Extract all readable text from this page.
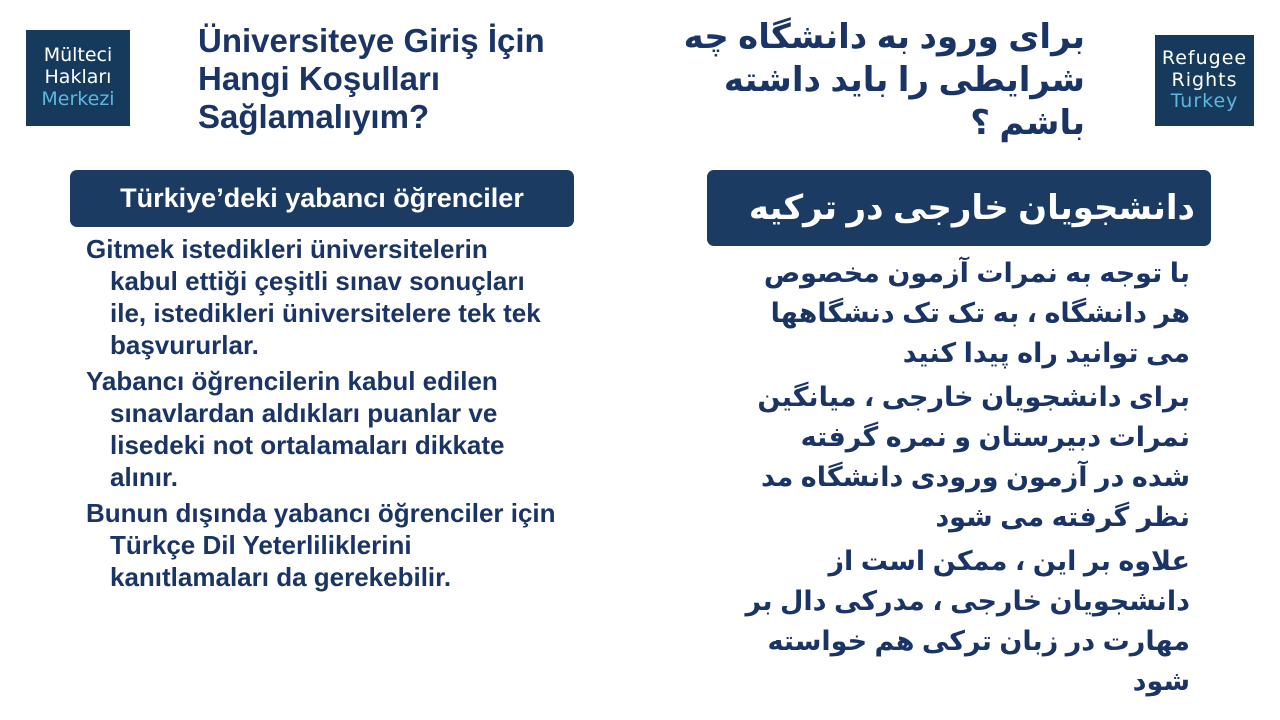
Mülteci
Hakları
Merkezi
Üniversiteye Giriş İçin Hangi Koşulları Sağlamalıyım?
برای ورود به دانشگاه چه شرایطی را باید داشته باشم ؟
Refugee
Rights
Turkey
Türkiye’deki yabancı öğrenciler	دانشجویان خارجی در ترکیه
Gitmek istedikleri üniversitelerin kabul ettiği çeşitli sınav sonuçları ile, istedikleri üniversitelere tek tek başvururlar.
Yabancı öğrencilerin kabul edilen sınavlardan aldıkları puanlar ve lisedeki not ortalamaları dikkate alınır.
Bunun dışında yabancı öğrenciler için Türkçe Dil Yeterliliklerini kanıtlamaları da gerekebilir.
با توجه به نمرات آزمون مخصوص هر دانشگاه ، به تک تک دنشگاهها می توانید راه پیدا کنید
برای دانشجویان خارجی ، میانگین نمرات دبیرستان و نمره گرفته شده در آزمون ورودی دانشگاه مد نظر گرفته می شود
علاوه بر این ، ممکن است از دانشجویان خارجی ، مدرکی دال بر مهارت در زبان ترکی هم خواسته شود
